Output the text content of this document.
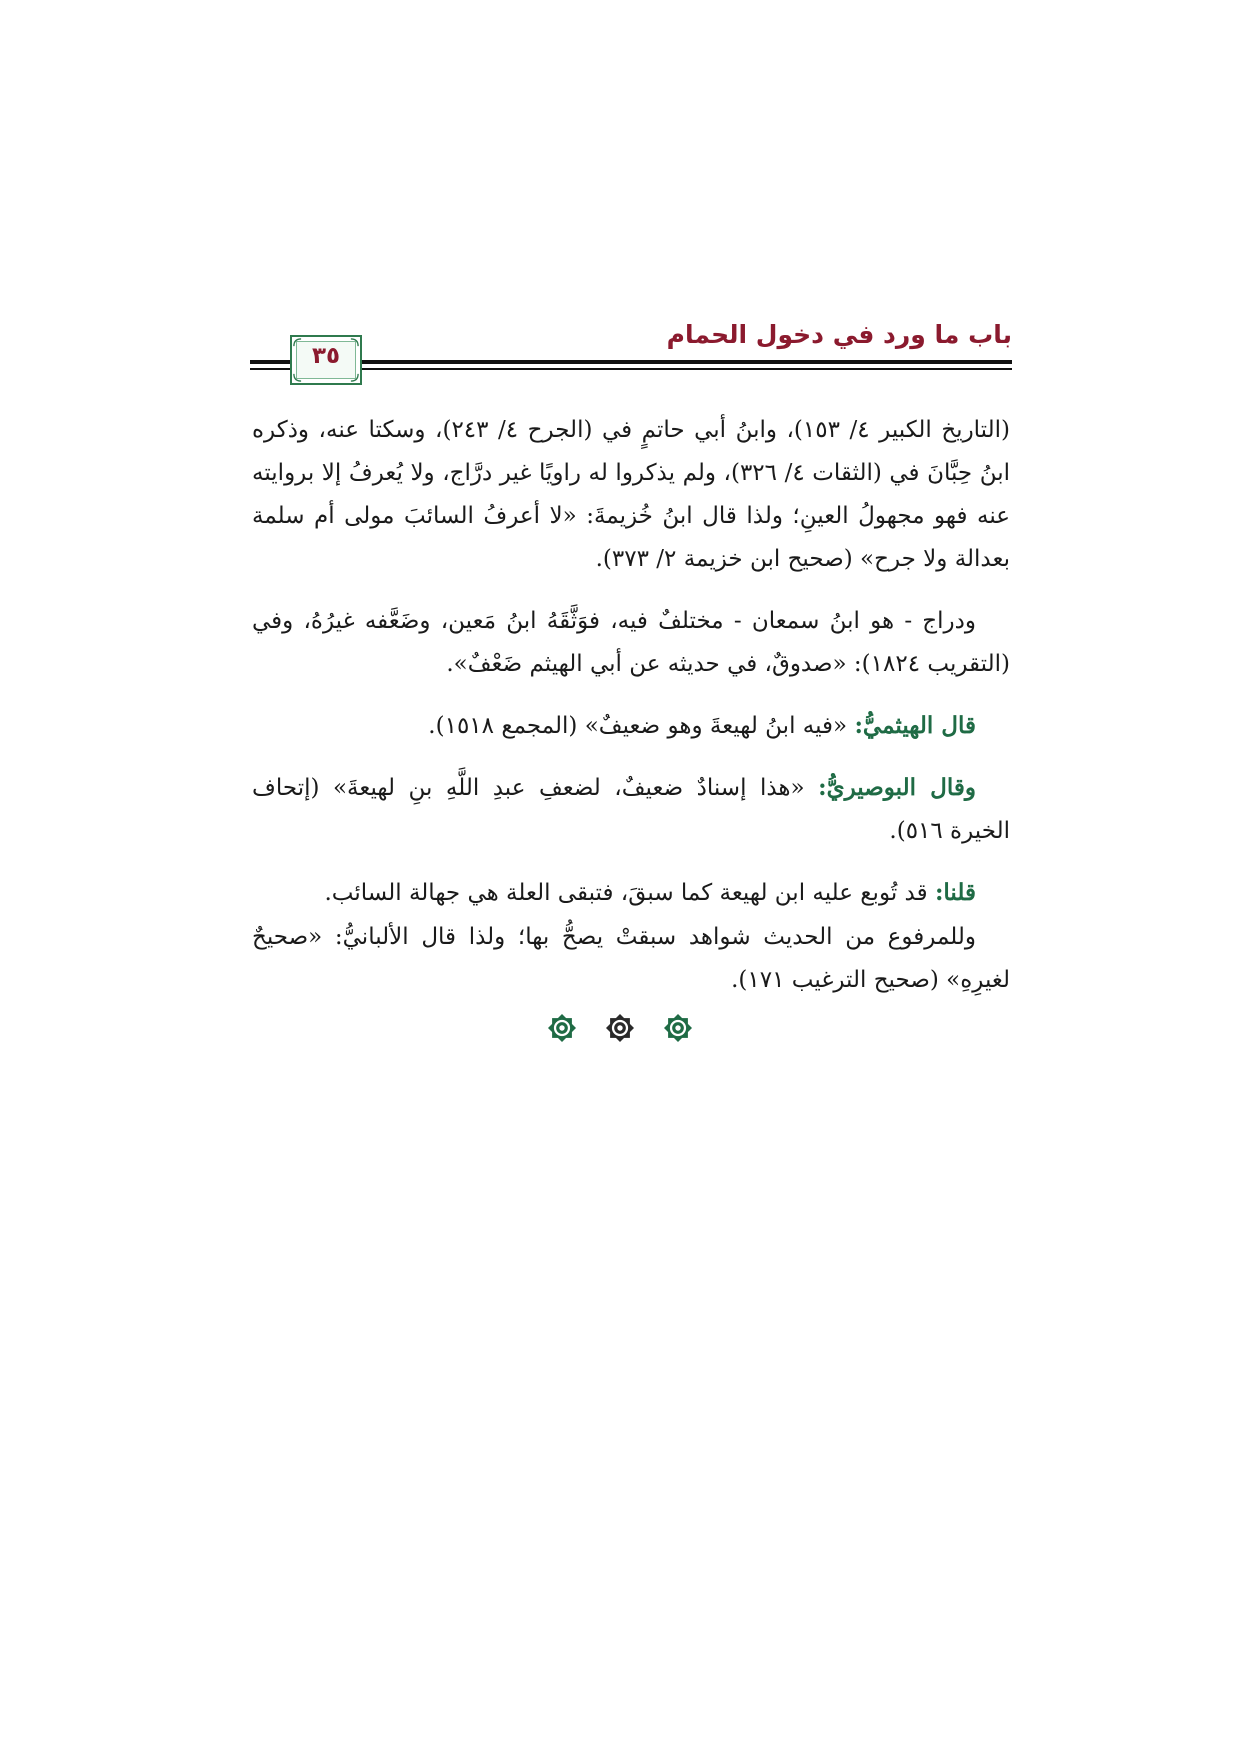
باب ما ورد في دخول الحمام
٣٥

(التاريخ الكبير ٤/ ١٥٣)، وابنُ أبي حاتمٍ في (الجرح ٤/ ٢٤٣)، وسكتا عنه، وذكره ابنُ حِبَّانَ في (الثقات ٤/ ٣٢٦)، ولم يذكروا له راويًا غير درَّاج، ولا يُعرفُ إلا بروايته عنه فهو مجهولُ العينِ؛ ولذا قال ابنُ خُزيمةَ: «لا أعرفُ السائبَ مولى أم سلمة بعدالة ولا جرح» (صحيح ابن خزيمة ٢/ ٣٧٣).

ودراج - هو ابنُ سمعان - مختلفٌ فيه، فوَثَّقَهُ ابنُ مَعين، وضَعَّفه غيرُهُ، وفي (التقريب ١٨٢٤): «صدوقٌ، في حديثه عن أبي الهيثم ضَعْفٌ».

قال الهيثميُّ: «فيه ابنُ لهيعةَ وهو ضعيفٌ» (المجمع ١٥١٨).

وقال البوصيريُّ: «هذا إسنادٌ ضعيفٌ، لضعفِ عبدِ اللَّهِ بنِ لهيعةَ» (إتحاف الخيرة ٥١٦).

قلنا: قد تُوبع عليه ابن لهيعة كما سبقَ، فتبقى العلة هي جهالة السائب.

وللمرفوع من الحديث شواهد سبقتْ يصحُّ بها؛ ولذا قال الألبانيُّ: «صحيحٌ لغيرِهِ» (صحيح الترغيب ١٧١).
